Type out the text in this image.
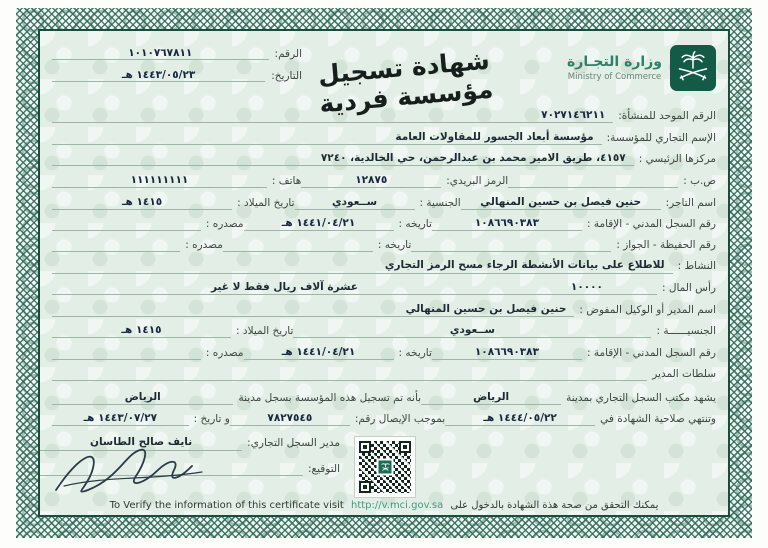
وزارة التجـارة
Ministry of Commerce
شهادة تسجيل مؤسسة فردية
الرقم:
١٠١٠٧٦٧٨١١
التاريخ:
١٤٤٣/٠٥/٢٣ هـ
الرقم الموحد للمنشأة:
٧٠٢٧١٤٦٢١١
الإسم التجاري للمؤسسة:
مؤسسة أبعاد الجسور للمقاولات العامة
مركزها الرئيسي :
٤١٥٧، طريق الامير محمد بن عبدالرحمن، حي الخالدية، ٧٢٤٠
ص.ب :
الرمز البريدي:
١٢٨٧٥
هاتف :
١١١١١١١١١
اسم التاجر:
حنين فيصل بن حسين المنهالي
الجنسية :
ســعودي
تاريخ الميلاد :
١٤١٥ هـ
رقم السجل المدني - الإقامة :
١٠٨٦٦٩٠٣٨٣
تاريخه :
١٤٤١/٠٤/٢١ هـ
مصدره :
رقم الحفيظة - الجواز :
تاريخه :
مصدره :
النشاط :
للاطلاع على بيانات الأنشطة الرجاء مسح الرمز التجاري
رأس المال :
١٠٠٠٠
عشرة آلاف ريال فقط لا غير
اسم المدير أو الوكيل المفوض :
حنين فيصل بن حسين المنهالي
الجنسيــــــة :
ســعودي
تاريخ الميلاد :
١٤١٥ هـ
رقم السجل المدني - الإقامة :
١٠٨٦٦٩٠٣٨٣
تاريخه :
١٤٤١/٠٤/٢١ هـ
مصدره :
سلطات المدير
يشهد مكتب السجل التجاري بمدينة
الرياض
بأنه تم تسجيل هذه المؤسسة بسجل مدينة
الرياض
وتنتهي صلاحية الشهادة في
١٤٤٤/٠٥/٢٢ هـ
بموجب الإيصال رقم:
٧٨٢٧٥٤٥
و تاريخ :
١٤٤٣/٠٧/٢٧ هـ
مدير السجل التجاري:
نايف صالح الطاسان
التوقيع:
To Verify the information of this certificate visit http://v.mci.gov.sa يمكنك التحقق من صحة هذة الشهادة بالدخول على
